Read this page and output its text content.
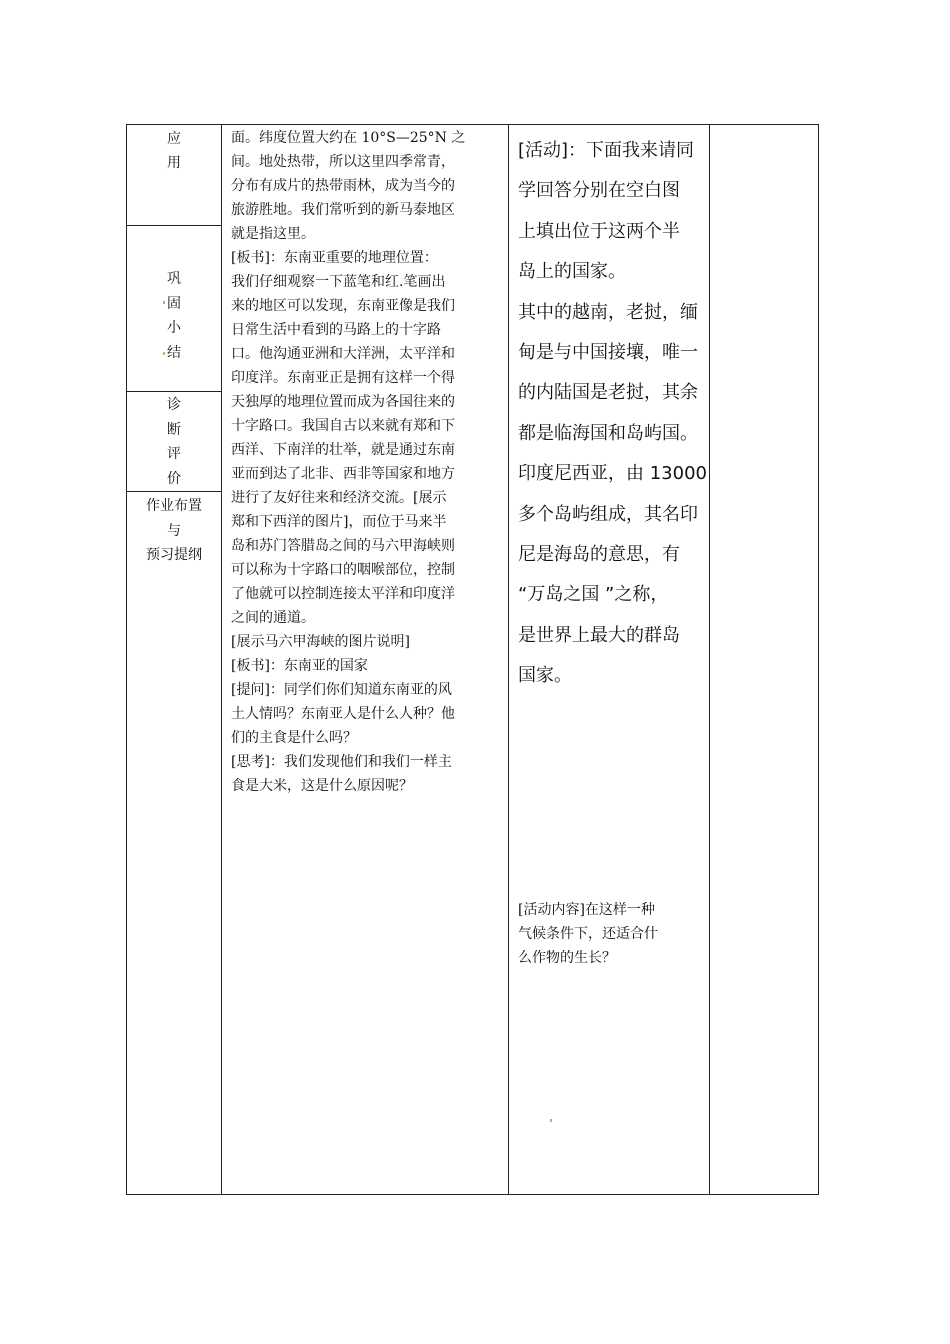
应
用
巩
固
小
结
诊
断
评
价
作业布置
与
预习提纲

面。纬度位置大约在 10°S—25°N 之

间。地处热带，所以这里四季常青，

分布有成片的热带雨林，成为当今的

旅游胜地。我们常听到的新马泰地区

就是指这里。

[板书]：东南亚重要的地理位置：

我们仔细观察一下蓝笔和红.笔画出

来的地区可以发现，东南亚像是我们

日常生活中看到的马路上的十字路

口。他沟通亚洲和大洋洲，太平洋和

印度洋。东南亚正是拥有这样一个得

天独厚的地理位置而成为各国往来的

十字路口。我国自古以来就有郑和下

西洋、下南洋的壮举，就是通过东南

亚而到达了北非、西非等国家和地方

进行了友好往来和经济交流。[展示

郑和下西洋的图片]，而位于马来半

岛和苏门答腊岛之间的马六甲海峡则

可以称为十字路口的咽喉部位，控制

了他就可以控制连接太平洋和印度洋

之间的通道。

[展示马六甲海峡的图片说明]

[板书]：东南亚的国家

[提问]：同学们你们知道东南亚的风

土人情吗？东南亚人是什么人种？他

们的主食是什么吗？

[思考]：我们发现他们和我们一样主

食是大米，这是什么原因呢？

[活动]：下面我来请同

学回答分别在空白图

上填出位于这两个半

岛上的国家。

其中的越南，老挝，缅

甸是与中国接壤，唯一

的内陆国是老挝，其余

都是临海国和岛屿国。

印度尼西亚，由 13000

多个岛屿组成，其名印

尼是海岛的意思，有

“万岛之国 ”之称，

是世界上最大的群岛

国家。

[活动内容]在这样一种

气候条件下，还适合什

么作物的生长？
